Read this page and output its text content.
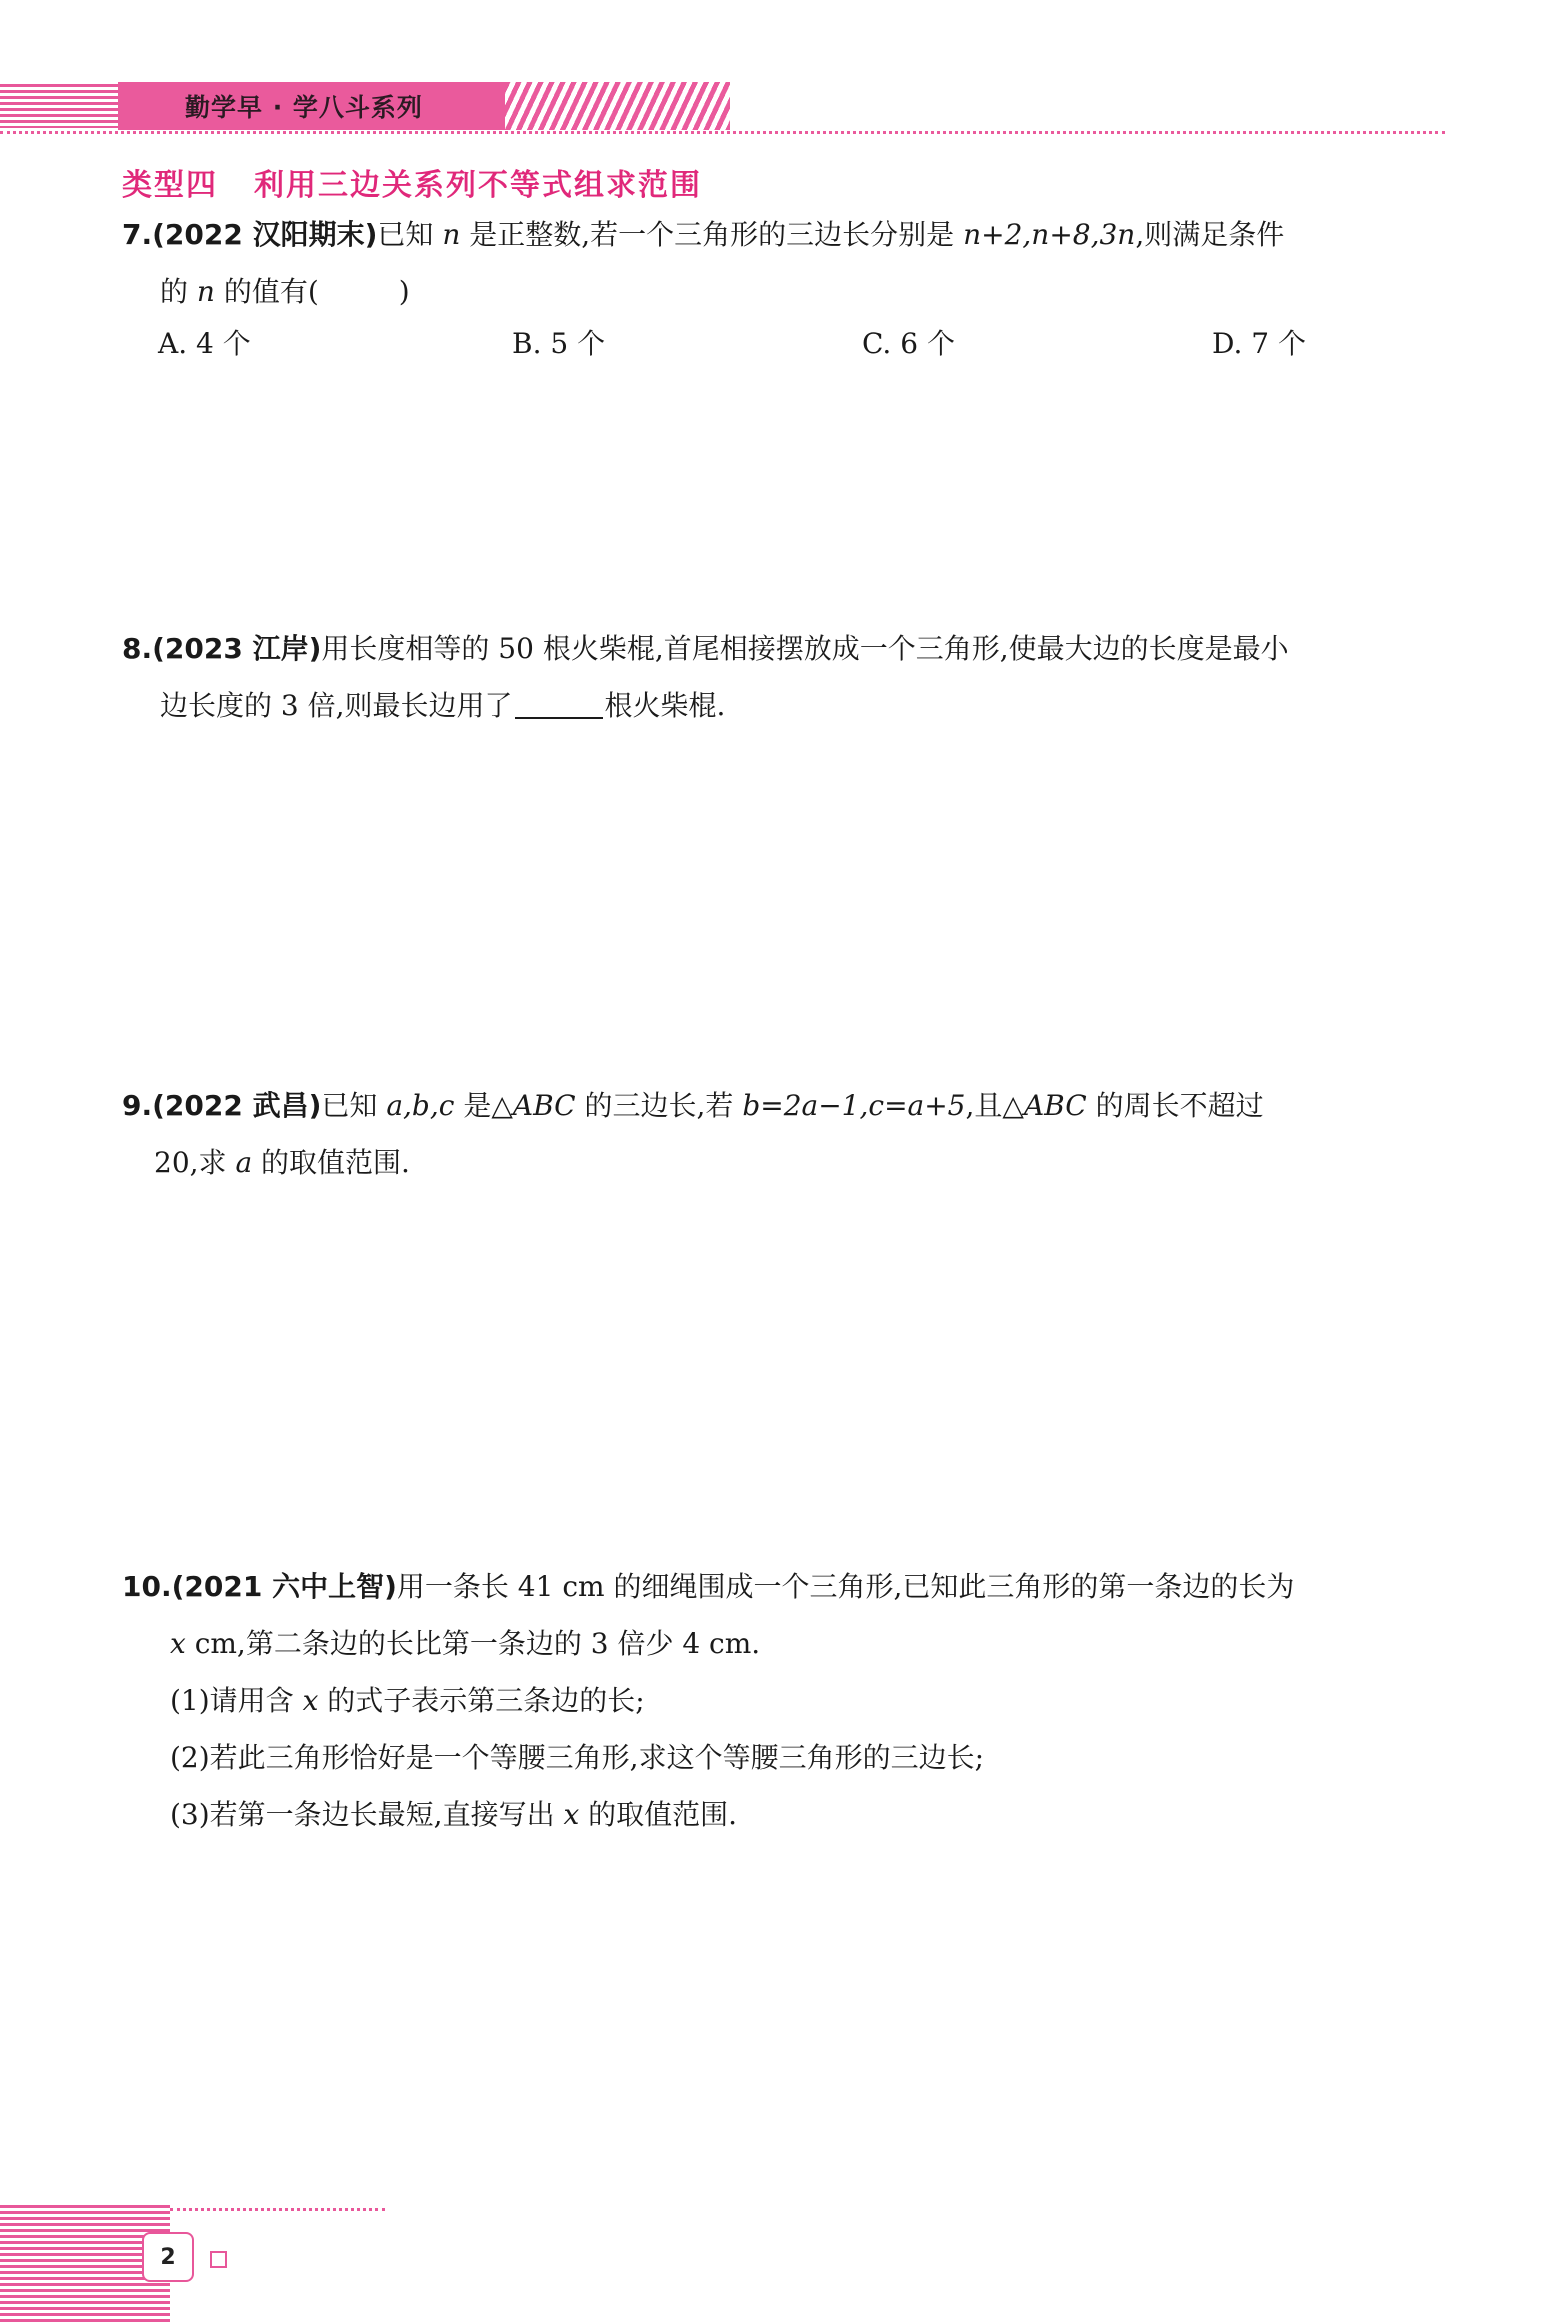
勤学早 · 学八斗系列
类型四 利用三边关系列不等式组求范围
7.(2022 汉阳期末)已知 n 是正整数,若一个三角形的三边长分别是 n+2,n+8,3n,则满足条件
的 n 的值有(	)
A. 4 个	B. 5 个	C. 6 个	D. 7 个
8.(2023 江岸)用长度相等的 50 根火柴棍,首尾相接摆放成一个三角形,使最大边的长度是最小
边长度的 3 倍,则最长边用了	根火柴棍.
9.(2022 武昌)已知 a,b,c 是△ABC 的三边长,若 b=2a−1,c=a+5,且△ABC 的周长不超过
20,求 a 的取值范围.
10.(2021 六中上智)用一条长 41 cm 的细绳围成一个三角形,已知此三角形的第一条边的长为
x cm,第二条边的长比第一条边的 3 倍少 4 cm.
(1)请用含 x 的式子表示第三条边的长;
(2)若此三角形恰好是一个等腰三角形,求这个等腰三角形的三边长;
(3)若第一条边长最短,直接写出 x 的取值范围.
2
